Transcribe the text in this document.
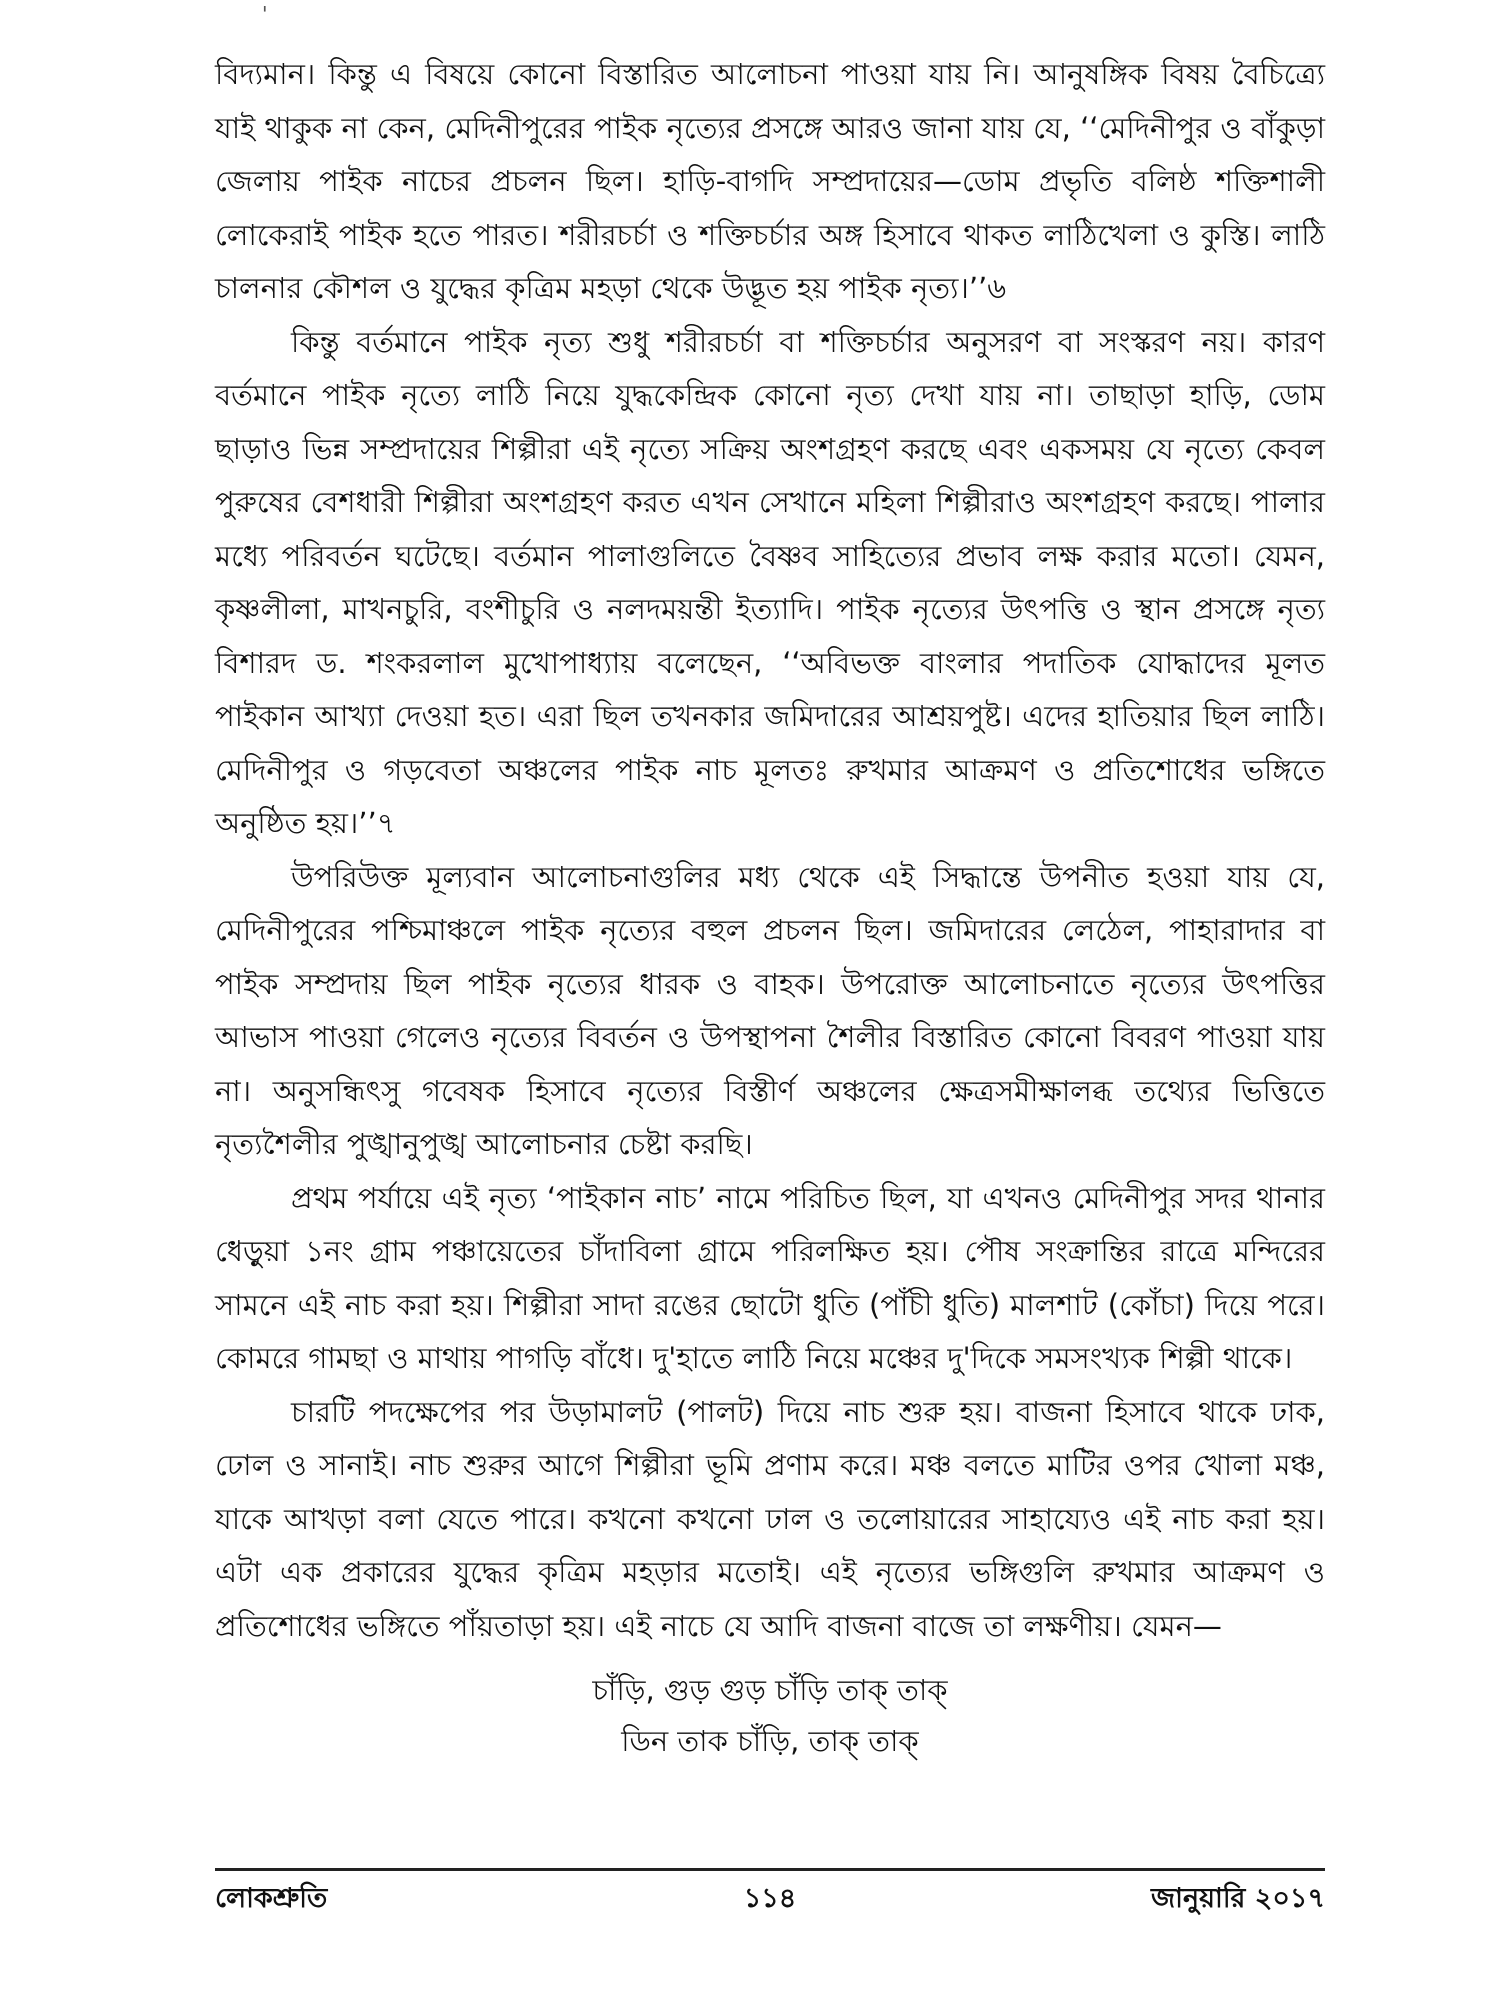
'

বিদ্যমান। কিন্তু এ বিষয়ে কোনো বিস্তারিত আলোচনা পাওয়া যায় নি। আনুষঙ্গিক বিষয় বৈচিত্র্যে যাই থাকুক না কেন, মেদিনীপুরের পাইক নৃত্যের প্রসঙ্গে আরও জানা যায় যে, ‘‘মেদিনীপুর ও বাঁকুড়া জেলায় পাইক নাচের প্রচলন ছিল। হাড়ি-বাগদি সম্প্রদায়ের—ডোম প্রভৃতি বলিষ্ঠ শক্তিশালী লোকেরাই পাইক হতে পারত। শরীরচর্চা ও শক্তিচর্চার অঙ্গ হিসাবে থাকত লাঠিখেলা ও কুস্তি। লাঠি চালনার কৌশল ও যুদ্ধের কৃত্রিম মহড়া থেকে উদ্ভূত হয় পাইক নৃত্য।’’৬

কিন্তু বর্তমানে পাইক নৃত্য শুধু শরীরচর্চা বা শক্তিচর্চার অনুসরণ বা সংস্করণ নয়। কারণ বর্তমানে পাইক নৃত্যে লাঠি নিয়ে যুদ্ধকেন্দ্রিক কোনো নৃত্য দেখা যায় না। তাছাড়া হাড়ি, ডোম ছাড়াও ভিন্ন সম্প্রদায়ের শিল্পীরা এই নৃত্যে সক্রিয় অংশগ্রহণ করছে এবং একসময় যে নৃত্যে কেবল পুরুষের বেশধারী শিল্পীরা অংশগ্রহণ করত এখন সেখানে মহিলা শিল্পীরাও অংশগ্রহণ করছে। পালার মধ্যে পরিবর্তন ঘটেছে। বর্তমান পালাগুলিতে বৈষ্ণব সাহিত্যের প্রভাব লক্ষ করার মতো। যেমন, কৃষ্ণলীলা, মাখনচুরি, বংশীচুরি ও নলদময়ন্তী ইত্যাদি। পাইক নৃত্যের উৎপত্তি ও স্থান প্রসঙ্গে নৃত্য বিশারদ ড. শংকরলাল মুখোপাধ্যায় বলেছেন, ‘‘অবিভক্ত বাংলার পদাতিক যোদ্ধাদের মূলত পাইকান আখ্যা দেওয়া হত। এরা ছিল তখনকার জমিদারের আশ্রয়পুষ্ট। এদের হাতিয়ার ছিল লাঠি। মেদিনীপুর ও গড়বেতা অঞ্চলের পাইক নাচ মূলতঃ রুখমার আক্রমণ ও প্রতিশোধের ভঙ্গিতে অনুষ্ঠিত হয়।’’৭

উপরিউক্ত মূল্যবান আলোচনাগুলির মধ্য থেকে এই সিদ্ধান্তে উপনীত হওয়া যায় যে, মেদিনীপুরের পশ্চিমাঞ্চলে পাইক নৃত্যের বহুল প্রচলন ছিল। জমিদারের লেঠেল, পাহারাদার বা পাইক সম্প্রদায় ছিল পাইক নৃত্যের ধারক ও বাহক। উপরোক্ত আলোচনাতে নৃত্যের উৎপত্তির আভাস পাওয়া গেলেও নৃত্যের বিবর্তন ও উপস্থাপনা শৈলীর বিস্তারিত কোনো বিবরণ পাওয়া যায় না। অনুসন্ধিৎসু গবেষক হিসাবে নৃত্যের বিস্তীর্ণ অঞ্চলের ক্ষেত্রসমীক্ষালব্ধ তথ্যের ভিত্তিতে নৃত্যশৈলীর পুঙ্খানুপুঙ্খ আলোচনার চেষ্টা করছি।

প্রথম পর্যায়ে এই নৃত্য ‘পাইকান নাচ’ নামে পরিচিত ছিল, যা এখনও মেদিনীপুর সদর থানার ধেড়ুয়া ১নং গ্রাম পঞ্চায়েতের চাঁদাবিলা গ্রামে পরিলক্ষিত হয়। পৌষ সংক্রান্তির রাত্রে মন্দিরের সামনে এই নাচ করা হয়। শিল্পীরা সাদা রঙের ছোটো ধুতি (পাঁচী ধুতি) মালশাট (কোঁচা) দিয়ে পরে। কোমরে গামছা ও মাথায় পাগড়ি বাঁধে। দু'হাতে লাঠি নিয়ে মঞ্চের দু'দিকে সমসংখ্যক শিল্পী থাকে।

চারটি পদক্ষেপের পর উড়ামালট (পালট) দিয়ে নাচ শুরু হয়। বাজনা হিসাবে থাকে ঢাক, ঢোল ও সানাই। নাচ শুরুর আগে শিল্পীরা ভূমি প্রণাম করে। মঞ্চ বলতে মাটির ওপর খোলা মঞ্চ, যাকে আখড়া বলা যেতে পারে। কখনো কখনো ঢাল ও তলোয়ারের সাহায্যেও এই নাচ করা হয়। এটা এক প্রকারের যুদ্ধের কৃত্রিম মহড়ার মতোই। এই নৃত্যের ভঙ্গিগুলি রুখমার আক্রমণ ও প্রতিশোধের ভঙ্গিতে পাঁয়তাড়া হয়। এই নাচে যে আদি বাজনা বাজে তা লক্ষণীয়। যেমন—

চাঁড়ি, গুড় গুড় চাঁড়ি তাক্ তাক্
ডিন তাক চাঁড়ি, তাক্ তাক্
লোকশ্রুতি	১১৪	জানুয়ারি ২০১৭
